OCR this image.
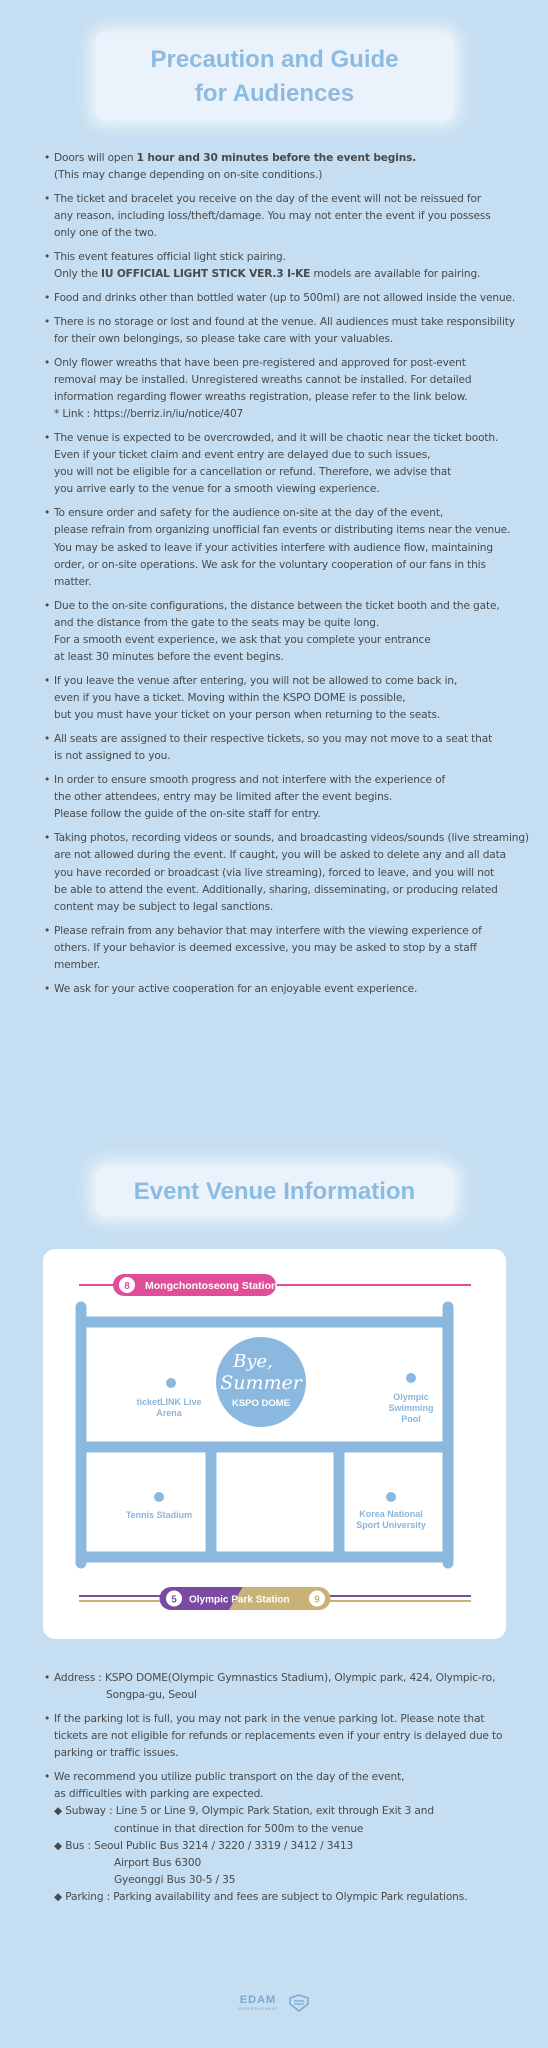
Precaution and Guide
for Audiences
• Doors will open 1 hour and 30 minutes before the event begins.
(This may change depending on on-site conditions.)
• The ticket and bracelet you receive on the day of the event will not be reissued for
any reason, including loss/theft/damage. You may not enter the event if you possess
only one of the two.
• This event features official light stick pairing.
Only the IU OFFICIAL LIGHT STICK VER.3 I-KE models are available for pairing.
• Food and drinks other than bottled water (up to 500ml) are not allowed inside the venue.
• There is no storage or lost and found at the venue. All audiences must take responsibility
for their own belongings, so please take care with your valuables.
• Only flower wreaths that have been pre-registered and approved for post-event
removal may be installed. Unregistered wreaths cannot be installed. For detailed
information regarding flower wreaths registration, please refer to the link below.
* Link : https://berriz.in/iu/notice/407
• The venue is expected to be overcrowded, and it will be chaotic near the ticket booth.
Even if your ticket claim and event entry are delayed due to such issues,
you will not be eligible for a cancellation or refund. Therefore, we advise that
you arrive early to the venue for a smooth viewing experience.
• To ensure order and safety for the audience on-site at the day of the event,
please refrain from organizing unofficial fan events or distributing items near the venue.
You may be asked to leave if your activities interfere with audience flow, maintaining
order, or on-site operations. We ask for the voluntary cooperation of our fans in this
matter.
• Due to the on-site configurations, the distance between the ticket booth and the gate,
and the distance from the gate to the seats may be quite long.
For a smooth event experience, we ask that you complete your entrance
at least 30 minutes before the event begins.
• If you leave the venue after entering, you will not be allowed to come back in,
even if you have a ticket. Moving within the KSPO DOME is possible,
but you must have your ticket on your person when returning to the seats.
• All seats are assigned to their respective tickets, so you may not move to a seat that
is not assigned to you.
• In order to ensure smooth progress and not interfere with the experience of
the other attendees, entry may be limited after the event begins.
Please follow the guide of the on-site staff for entry.
• Taking photos, recording videos or sounds, and broadcasting videos/sounds (live streaming)
are not allowed during the event. If caught, you will be asked to delete any and all data
you have recorded or broadcast (via live streaming), forced to leave, and you will not
be able to attend the event. Additionally, sharing, disseminating, or producing related
content may be subject to legal sanctions.
• Please refrain from any behavior that may interfere with the viewing experience of
others. If your behavior is deemed excessive, you may be asked to stop by a staff
member.
• We ask for your active cooperation for an enjoyable event experience.
Event Venue Information
8 Mongchontoseong Station
Bye,
Summer
KSPO DOME
ticketLINK Live
Arena
Olympic
Swimming
Pool
Tennis Stadium	Korea National
Sport University
5 Olympic Park Station 9
• Address : KSPO DOME(Olympic Gymnastics Stadium), Olympic park, 424, Olympic-ro,
Songpa-gu, Seoul
• If the parking lot is full, you may not park in the venue parking lot. Please note that
tickets are not eligible for refunds or replacements even if your entry is delayed due to
parking or traffic issues.
• We recommend you utilize public transport on the day of the event,
as difficulties with parking are expected.
◆ Subway : Line 5 or Line 9, Olympic Park Station, exit through Exit 3 and
continue in that direction for 500m to the venue
◆ Bus : Seoul Public Bus 3214 / 3220 / 3319 / 3412 / 3413
Airport Bus 6300
Gyeonggi Bus 30-5 / 35
◆ Parking : Parking availability and fees are subject to Olympic Park regulations.
EDAM
ENTERTAINMENT
